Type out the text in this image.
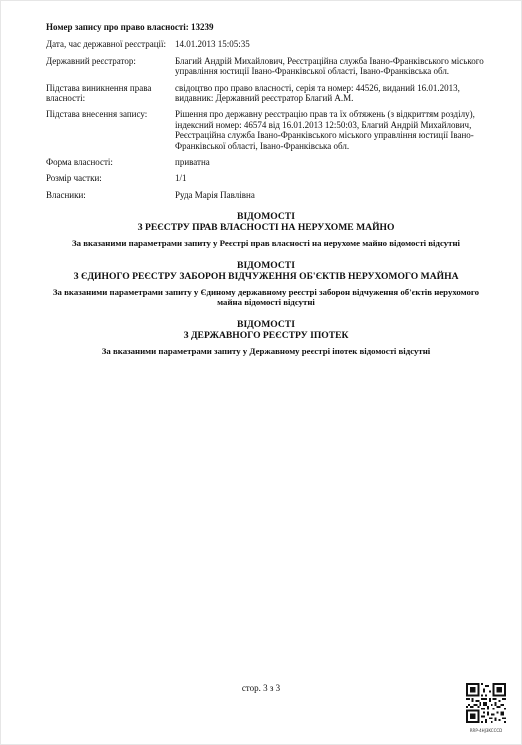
Номер запису про право власності: 13239
Дата, час державної реєстрації: 14.01.2013 15:05:35
Державний реєстратор:	Благий Андрій Михайлович, Реєстраційна служба Івано-Франківського міського управління юстиції Івано-Франківської області, Івано-Франківська обл.
Підстава виникнення права власності:
свідоцтво про право власності, серія та номер: 44526, виданий 16.01.2013, видавник: Державний реєстратор Благий А.М.
Підстава внесення запису:	Рішення про державну реєстрацію прав та їх обтяжень (з відкриттям розділу), індексний номер: 46574 від 16.01.2013 12:50:03, Благий Андрій Михайлович, Реєстраційна служба Івано-Франківського міського управління юстиції Івано-Франківської області, Івано-Франківська обл.
Форма власності:	приватна
Розмір частки:	1/1
Власники:	Руда Марія Павлівна
ВІДОМОСТІ
З РЕЄСТРУ ПРАВ ВЛАСНОСТІ НА НЕРУХОМЕ МАЙНО
За вказаними параметрами запиту у Реєстрі прав власності на нерухоме майно відомості відсутні
ВІДОМОСТІ
З ЄДИНОГО РЕЄСТРУ ЗАБОРОН ВІДЧУЖЕННЯ ОБ'ЄКТІВ НЕРУХОМОГО МАЙНА
За вказаними параметрами запиту у Єдиному державному реєстрі заборон відчуження об'єктів нерухомого майна відомості відсутні
ВІДОМОСТІ
З ДЕРЖАВНОГО РЕЄСТРУ ІПОТЕК
За вказаними параметрами запиту у Державному реєстрі іпотек відомості відсутні
стор. 3 з 3
RRP-4HJ3KCCCD
